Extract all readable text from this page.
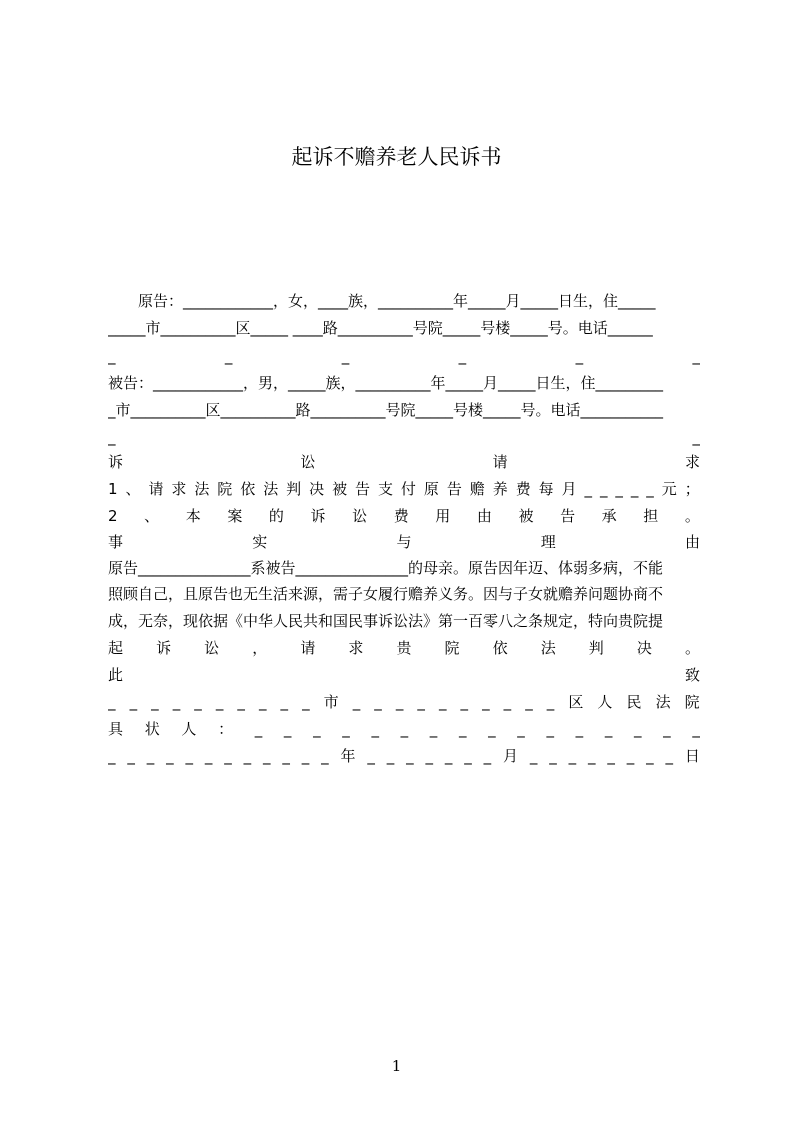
起诉不赡养老人民诉书
　　原告：____________，女，____族，__________年_____月_____日生，住_____
_____市__________区_____ ____路__________号院_____号楼_____号。电话______
_	_	_	_	_	_
被告：____________，男，_____族，__________年_____月_____日生，住_________
_市__________区__________路__________号院_____号楼_____号。电话___________
_	_
诉	讼	请	求
1 、 请 求 法 院 依 法 判 决 被 告 支 付 原 告 赡 养 费 每 月 _ _ _ _ _ 元 ；
2 、 本 案 的 诉 讼 费 用 由 被 告 承 担 。
事	实	与	理	由
原告_______________系被告_______________的母亲。原告因年迈、体弱多病，不能
照顾自己，且原告也无生活来源，需子女履行赡养义务。因与子女就赡养问题协商不
成，无奈，现依据《中华人民共和国民事诉讼法》第一百零八之条规定，特向贵院提
起 诉 讼 ， 请 求 贵 院 依 法 判 决 。
此	致
_ _ _ _ _ _ _ _ _ _ 市 _ _ _ _ _ _ _ _ _ _ 区 人 民 法 院
具 状 人 ： _ _ _ _ _ _ _ _ _ _ _ _ _ _ _ _
_ _ _ _ _ _ _ _ _ _ _ _ 年 _ _ _ _ _ _ _ 月 _ _ _ _ _ _ _ _ 日
1
